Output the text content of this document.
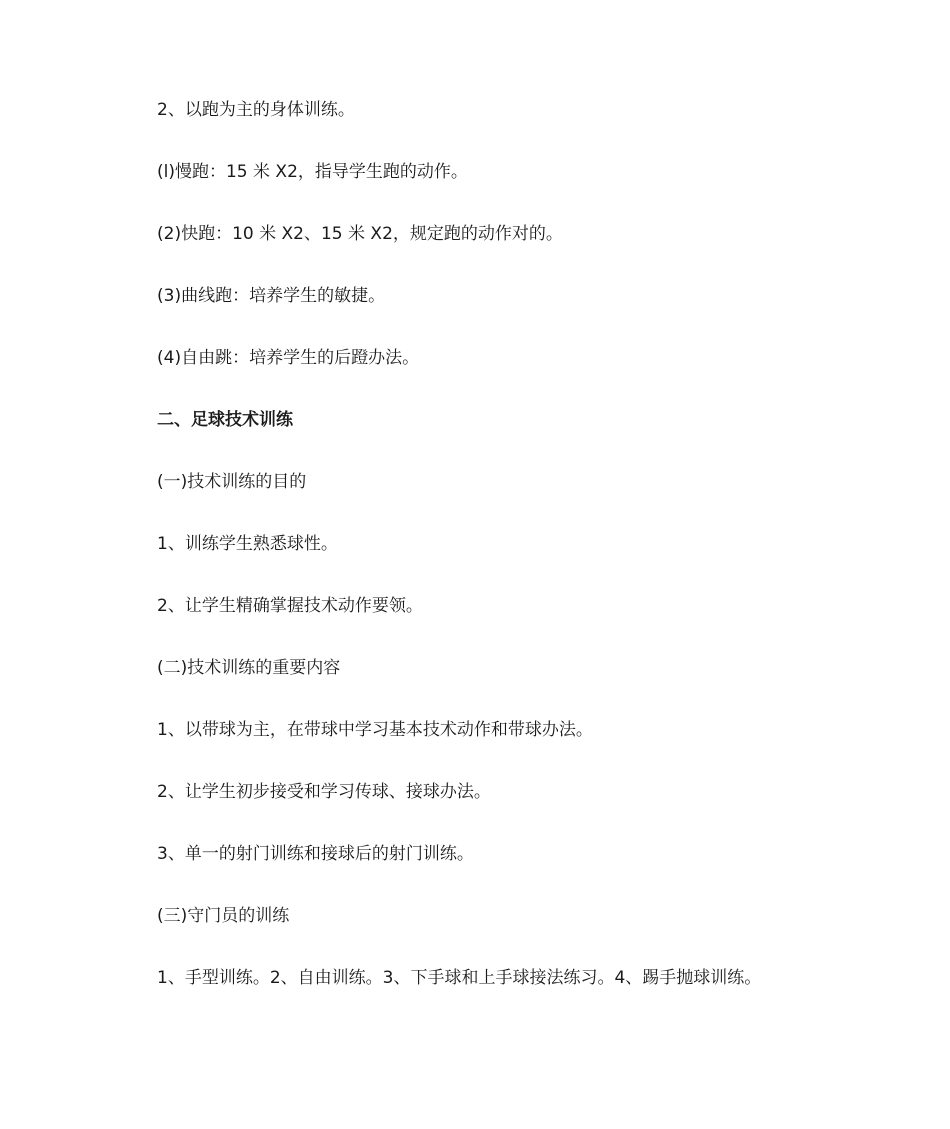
2、以跑为主的身体训练。

(l)慢跑：15 米 X2，指导学生跑的动作。

(2)快跑：10 米 X2、15 米 X2，规定跑的动作对的。

(3)曲线跑：培养学生的敏捷。

(4)自由跳：培养学生的后蹬办法。

二、足球技术训练

(一)技术训练的目的

1、训练学生熟悉球性。

2、让学生精确掌握技术动作要领。

(二)技术训练的重要内容

1、以带球为主，在带球中学习基本技术动作和带球办法。

2、让学生初步接受和学习传球、接球办法。

3、单一的射门训练和接球后的射门训练。

(三)守门员的训练

1、手型训练。2、自由训练。3、下手球和上手球接法练习。4、踢手抛球训练。
